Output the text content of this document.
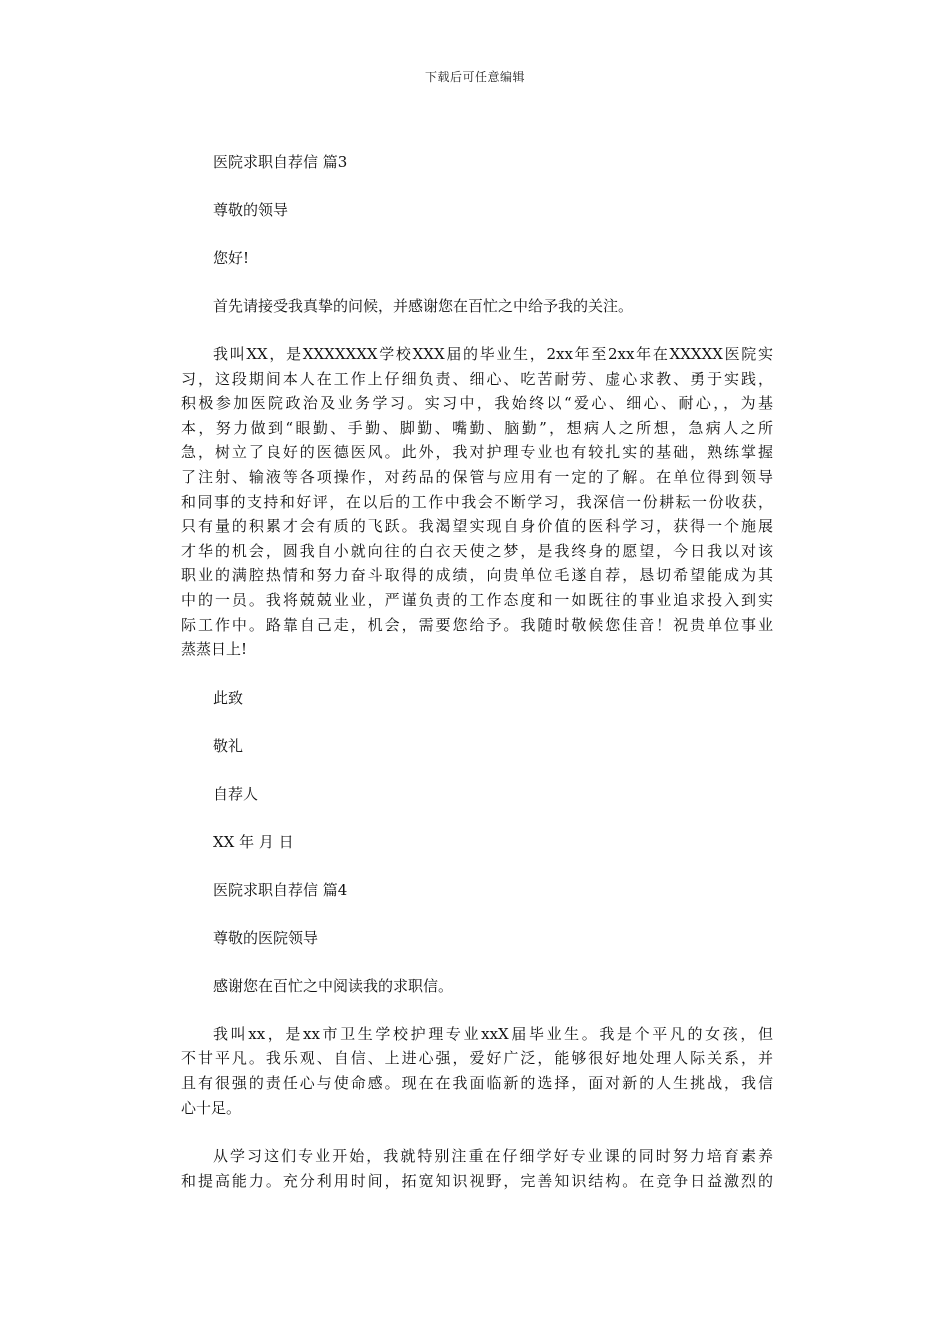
下载后可任意编辑

医院求职自荐信 篇3

尊敬的领导

您好!

首先请接受我真挚的问候，并感谢您在百忙之中给予我的关注。

我叫XX，是XXXXXXX学校XXX届的毕业生，2xx年至2xx年在XXXXX医院实

习，这段期间本人在工作上仔细负责、细心、吃苦耐劳、虚心求教、勇于实践，

积极参加医院政治及业务学习。实习中，我始终以“爱心、细心、耐心，，为基

本，努力做到“眼勤、手勤、脚勤、嘴勤、脑勤”，想病人之所想，急病人之所

急，树立了良好的医德医风。此外，我对护理专业也有较扎实的基础，熟练掌握

了注射、输液等各项操作，对药品的保管与应用有一定的了解。在单位得到领导

和同事的支持和好评，在以后的工作中我会不断学习，我深信一份耕耘一份收获，

只有量的积累才会有质的飞跃。我渴望实现自身价值的医科学习，获得一个施展

才华的机会，圆我自小就向往的白衣天使之梦，是我终身的愿望，今日我以对该

职业的满腔热情和努力奋斗取得的成绩，向贵单位毛遂自荐，恳切希望能成为其

中的一员。我将兢兢业业，严谨负责的工作态度和一如既往的事业追求投入到实

际工作中。路靠自己走，机会，需要您给予。我随时敬候您佳音！祝贵单位事业

蒸蒸日上!

此致

敬礼

自荐人

XX 年 月 日

医院求职自荐信 篇4

尊敬的医院领导

感谢您在百忙之中阅读我的求职信。

我叫xx，是xx市卫生学校护理专业xxX届毕业生。我是个平凡的女孩，但

不甘平凡。我乐观、自信、上进心强，爱好广泛，能够很好地处理人际关系，并

且有很强的责任心与使命感。现在在我面临新的选择，面对新的人生挑战，我信

心十足。

从学习这们专业开始，我就特别注重在仔细学好专业课的同时努力培育素养

和提高能力。充分利用时间，拓宽知识视野，完善知识结构。在竞争日益激烈的
